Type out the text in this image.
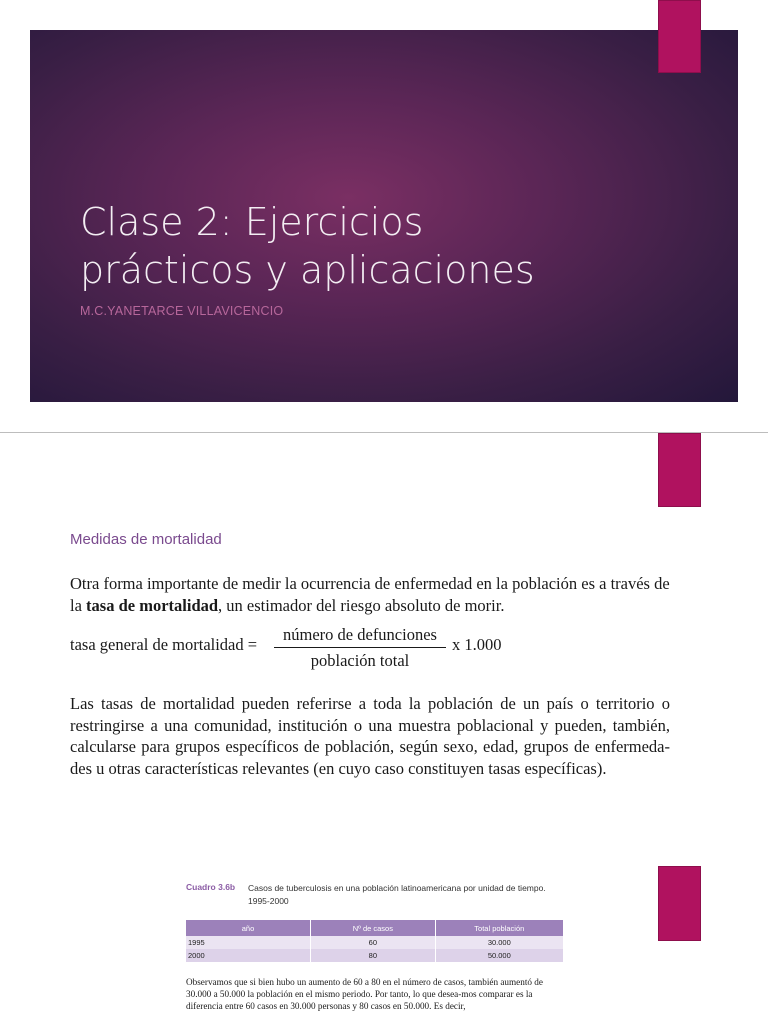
Clase 2: Ejercicios
prácticos y aplicaciones
M.C.YANETARCE VILLAVICENCIO
Medidas de mortalidad
Otra forma importante de medir la ocurrencia de enfermedad en la población es a través de la tasa de mortalidad, un estimador del riesgo absoluto de morir.
tasa general de mortalidad =
número de defunciones
población total
x 1.000
Las tasas de mortalidad pueden referirse a toda la población de un país o territorio o restringirse a una comunidad, institución o una muestra poblacional y pueden, también, calcularse para grupos específicos de población, según sexo, edad, grupos de enfermeda-des u otras características relevantes (en cuyo caso constituyen tasas específicas).
Cuadro 3.6b Casos de tuberculosis en una población latinoamericana por unidad de tiempo. 1995-2000
año	Nº de casos	Total población
1995	60	30.000
2000	80	50.000
Observamos que si bien hubo un aumento de 60 a 80 en el número de casos, también aumentó de 30.000 a 50.000 la población en el mismo periodo. Por tanto, lo que desea-mos comparar es la diferencia entre 60 casos en 30.000 personas y 80 casos en 50.000. Es decir,
